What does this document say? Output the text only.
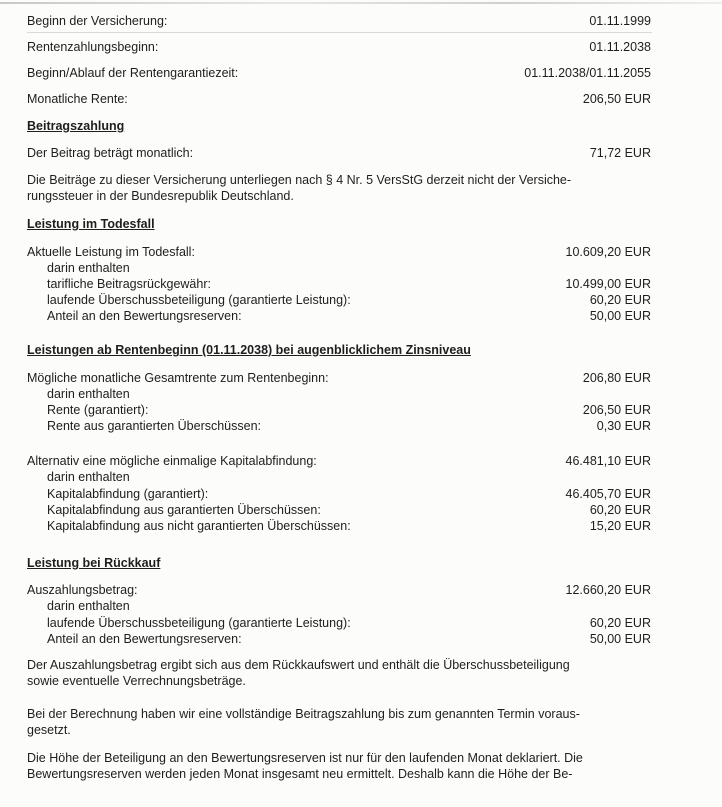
Beginn der Versicherung:	01.11.1999
Rentenzahlungsbeginn:	01.11.2038
Beginn/Ablauf der Rentengarantiezeit:	01.11.2038/01.11.2055
Monatliche Rente:	206,50 EUR
Beitragszahlung
Der Beitrag beträgt monatlich:	71,72 EUR
Die Beiträge zu dieser Versicherung unterliegen nach § 4 Nr. 5 VersStG derzeit nicht der Versiche-
rungssteuer in der Bundesrepublik Deutschland.
Leistung im Todesfall
Aktuelle Leistung im Todesfall:	10.609,20 EUR
darin enthalten
tarifliche Beitragsrückgewähr:	10.499,00 EUR
laufende Überschussbeteiligung (garantierte Leistung):	60,20 EUR
Anteil an den Bewertungsreserven:	50,00 EUR
Leistungen ab Rentenbeginn (01.11.2038) bei augenblicklichem Zinsniveau
Mögliche monatliche Gesamtrente zum Rentenbeginn:	206,80 EUR
darin enthalten
Rente (garantiert):	206,50 EUR
Rente aus garantierten Überschüssen:	0,30 EUR
Alternativ eine mögliche einmalige Kapitalabfindung:	46.481,10 EUR
darin enthalten
Kapitalabfindung (garantiert):	46.405,70 EUR
Kapitalabfindung aus garantierten Überschüssen:	60,20 EUR
Kapitalabfindung aus nicht garantierten Überschüssen:	15,20 EUR
Leistung bei Rückkauf
Auszahlungsbetrag:	12.660,20 EUR
darin enthalten
laufende Überschussbeteiligung (garantierte Leistung):	60,20 EUR
Anteil an den Bewertungsreserven:	50,00 EUR
Der Auszahlungsbetrag ergibt sich aus dem Rückkaufswert und enthält die Überschussbeteiligung
sowie eventuelle Verrechnungsbeträge.
Bei der Berechnung haben wir eine vollständige Beitragszahlung bis zum genannten Termin voraus-
gesetzt.
Die Höhe der Beteiligung an den Bewertungsreserven ist nur für den laufenden Monat deklariert. Die
Bewertungsreserven werden jeden Monat insgesamt neu ermittelt. Deshalb kann die Höhe der Be-
